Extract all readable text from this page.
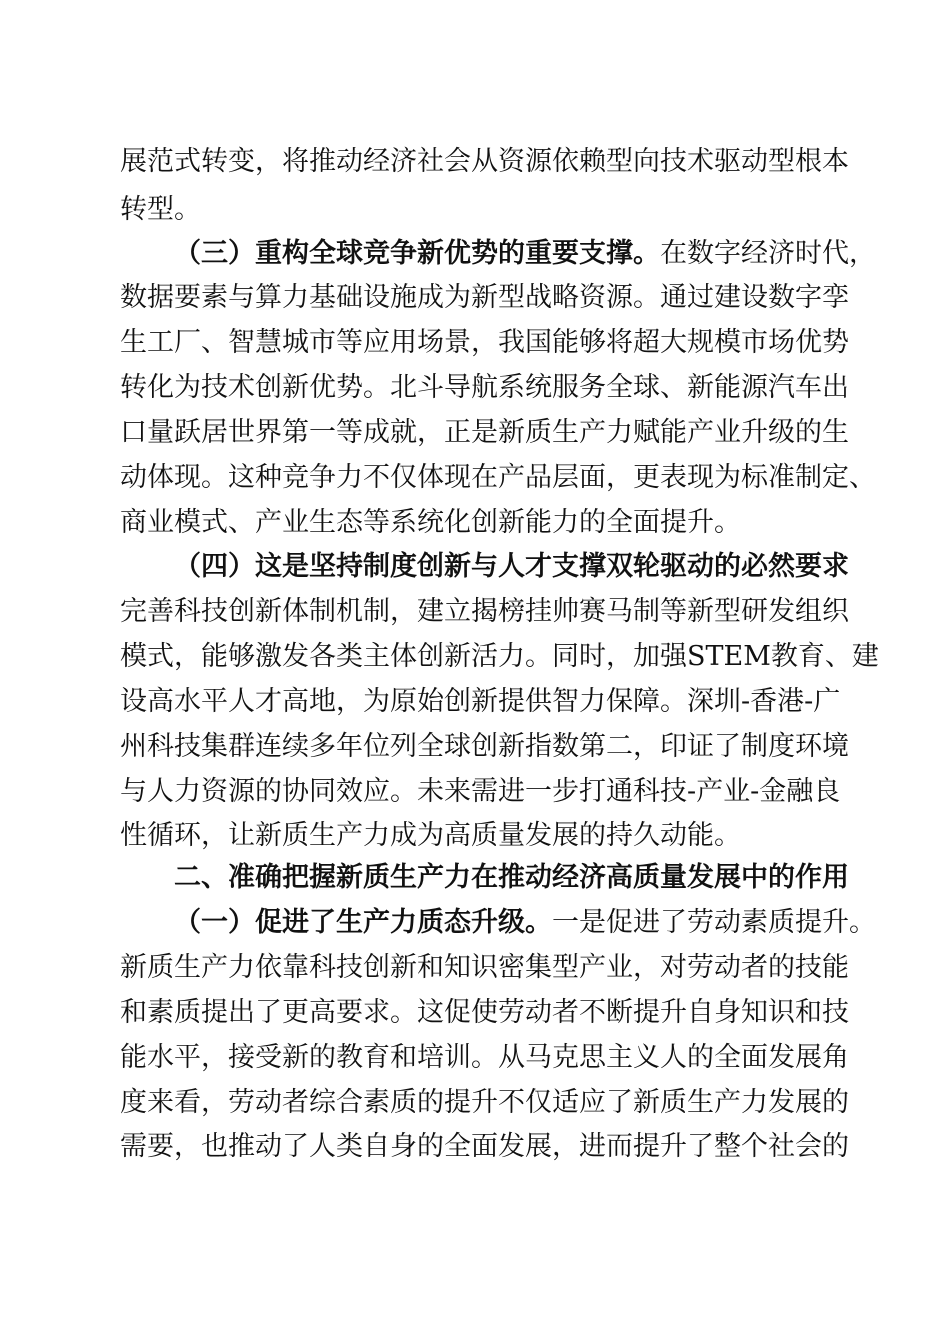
展范式转变，将推动经济社会从资源依赖型向技术驱动型根本
转型。
（三）重构全球竞争新优势的重要支撑。在数字经济时代，
数据要素与算力基础设施成为新型战略资源。通过建设数字孪
生工厂、智慧城市等应用场景，我国能够将超大规模市场优势
转化为技术创新优势。北斗导航系统服务全球、新能源汽车出
口量跃居世界第一等成就，正是新质生产力赋能产业升级的生
动体现。这种竞争力不仅体现在产品层面，更表现为标准制定、
商业模式、产业生态等系统化创新能力的全面提升。
（四）这是坚持制度创新与人才支撑双轮驱动的必然要求
完善科技创新体制机制，建立揭榜挂帅赛马制等新型研发组织
模式，能够激发各类主体创新活力。同时，加强STEM教育、建
设高水平人才高地，为原始创新提供智力保障。深圳-香港-广
州科技集群连续多年位列全球创新指数第二，印证了制度环境
与人力资源的协同效应。未来需进一步打通科技-产业-金融良
性循环，让新质生产力成为高质量发展的持久动能。
二、准确把握新质生产力在推动经济高质量发展中的作用
（一）促进了生产力质态升级。一是促进了劳动素质提升。
新质生产力依靠科技创新和知识密集型产业，对劳动者的技能
和素质提出了更高要求。这促使劳动者不断提升自身知识和技
能水平，接受新的教育和培训。从马克思主义人的全面发展角
度来看，劳动者综合素质的提升不仅适应了新质生产力发展的
需要，也推动了人类自身的全面发展，进而提升了整个社会的
